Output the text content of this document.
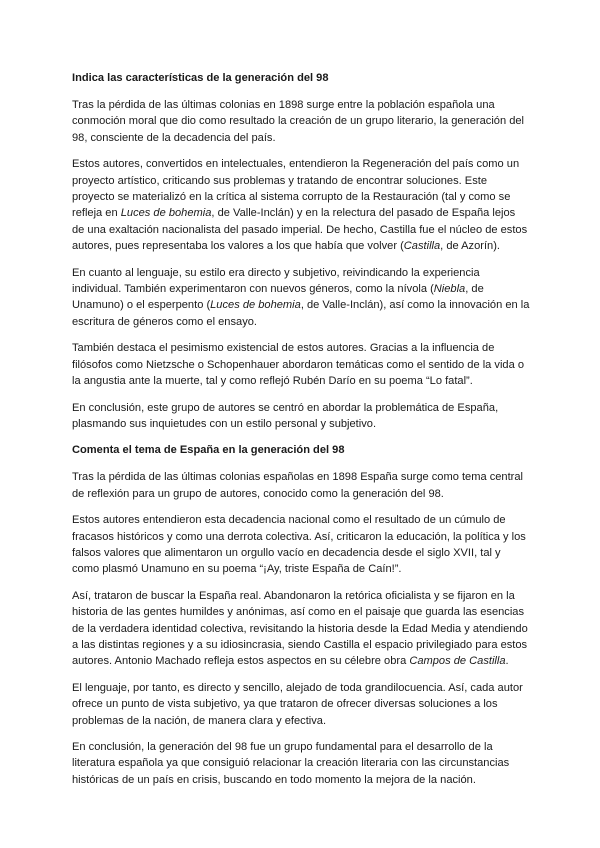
Indica las características de la generación del 98

Tras la pérdida de las últimas colonias en 1898 surge entre la población española una conmoción moral que dio como resultado la creación de un grupo literario, la generación del 98, consciente de la decadencia del país.

Estos autores, convertidos en intelectuales, entendieron la Regeneración del país como un proyecto artístico, criticando sus problemas y tratando de encontrar soluciones. Este proyecto se materializó en la crítica al sistema corrupto de la Restauración (tal y como se refleja en Luces de bohemia, de Valle-Inclán) y en la relectura del pasado de España lejos de una exaltación nacionalista del pasado imperial. De hecho, Castilla fue el núcleo de estos autores, pues representaba los valores a los que había que volver (Castilla, de Azorín).

En cuanto al lenguaje, su estilo era directo y subjetivo, reivindicando la experiencia individual. También experimentaron con nuevos géneros, como la nívola (Niebla, de Unamuno) o el esperpento (Luces de bohemia, de Valle-Inclán), así como la innovación en la escritura de géneros como el ensayo.

También destaca el pesimismo existencial de estos autores. Gracias a la influencia de filósofos como Nietzsche o Schopenhauer abordaron temáticas como el sentido de la vida o la angustia ante la muerte, tal y como reflejó Rubén Darío en su poema “Lo fatal”.

En conclusión, este grupo de autores se centró en abordar la problemática de España, plasmando sus inquietudes con un estilo personal y subjetivo.

Comenta el tema de España en la generación del 98

Tras la pérdida de las últimas colonias españolas en 1898 España surge como tema central de reflexión para un grupo de autores, conocido como la generación del 98.

Estos autores entendieron esta decadencia nacional como el resultado de un cúmulo de fracasos históricos y como una derrota colectiva. Así, criticaron la educación, la política y los falsos valores que alimentaron un orgullo vacío en decadencia desde el siglo XVII, tal y como plasmó Unamuno en su poema “¡Ay, triste España de Caín!”.

Así, trataron de buscar la España real. Abandonaron la retórica oficialista y se fijaron en la historia de las gentes humildes y anónimas, así como en el paisaje que guarda las esencias de la verdadera identidad colectiva, revisitando la historia desde la Edad Media y atendiendo a las distintas regiones y a su idiosincrasia, siendo Castilla el espacio privilegiado para estos autores. Antonio Machado refleja estos aspectos en su célebre obra Campos de Castilla.

El lenguaje, por tanto, es directo y sencillo, alejado de toda grandilocuencia. Así, cada autor ofrece un punto de vista subjetivo, ya que trataron de ofrecer diversas soluciones a los problemas de la nación, de manera clara y efectiva.

En conclusión, la generación del 98 fue un grupo fundamental para el desarrollo de la literatura española ya que consiguió relacionar la creación literaria con las circunstancias históricas de un país en crisis, buscando en todo momento la mejora de la nación.
